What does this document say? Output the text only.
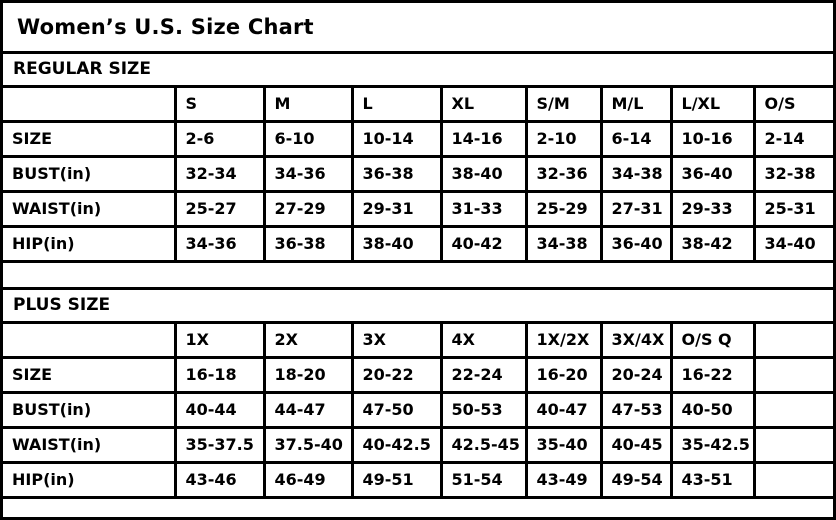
Women’s U.S. Size Chart
REGULAR SIZE
	S	M	L	XL	S/M	M/L	L/XL	O/S
SIZE	2-6	6-10	10-14	14-16	2-10	6-14	10-16	2-14
BUST(in)	32-34	34-36	36-38	38-40	32-36	34-38	36-40	32-38
WAIST(in)	25-27	27-29	29-31	31-33	25-29	27-31	29-33	25-31
HIP(in)	34-36	36-38	38-40	40-42	34-38	36-40	38-42	34-40
PLUS SIZE
	1X	2X	3X	4X	1X/2X	3X/4X	O/S Q	
SIZE	16-18	18-20	20-22	22-24	16-20	20-24	16-22	
BUST(in)	40-44	44-47	47-50	50-53	40-47	47-53	40-50	
WAIST(in)	35-37.5	37.5-40	40-42.5	42.5-45	35-40	40-45	35-42.5	
HIP(in)	43-46	46-49	49-51	51-54	43-49	49-54	43-51	
